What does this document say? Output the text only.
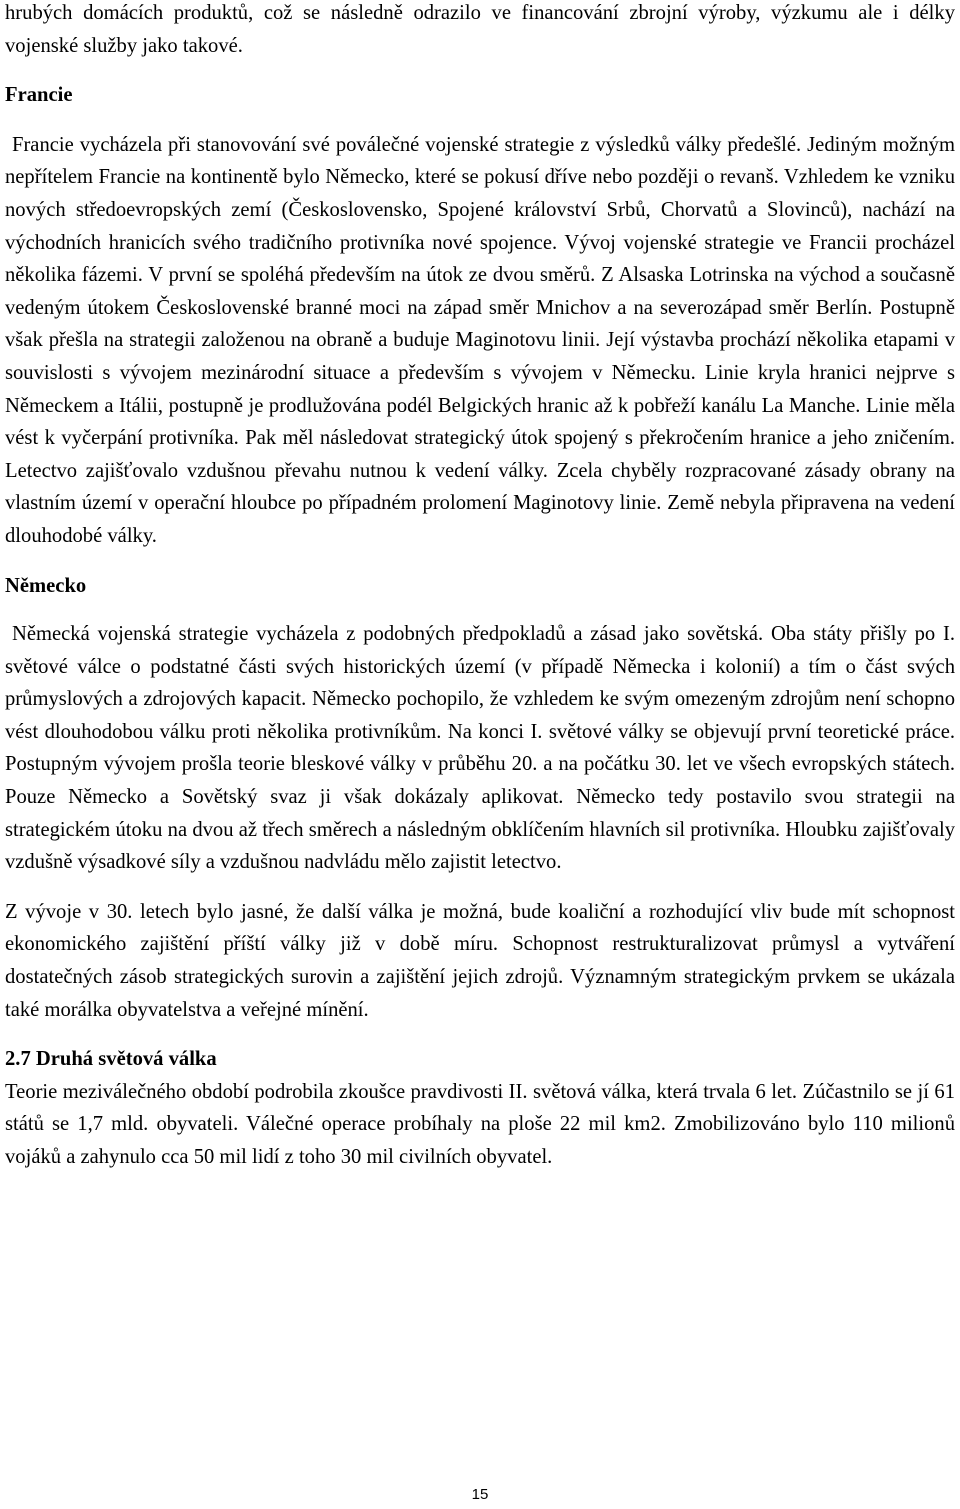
hrubých domácích produktů, což se následně odrazilo ve financování zbrojní výroby, výzkumu ale i délky vojenské služby jako takové.

Francie

Francie vycházela při stanovování své poválečné vojenské strategie z výsledků války předešlé. Jediným možným nepřítelem Francie na kontinentě bylo Německo, které se pokusí dříve nebo později o revanš. Vzhledem ke vzniku nových středoevropských zemí (Československo, Spojené království Srbů, Chorvatů a Slovinců), nachází na východních hranicích svého tradičního protivníka nové spojence. Vývoj vojenské strategie ve Francii procházel několika fázemi. V první se spoléhá především na útok ze dvou směrů. Z Alsaska Lotrinska na východ a současně vedeným útokem Československé branné moci na západ směr Mnichov a na severozápad směr Berlín. Postupně však přešla na strategii založenou na obraně a buduje Maginotovu linii. Její výstavba prochází několika etapami v souvislosti s vývojem mezinárodní situace a především s vývojem v Německu. Linie kryla hranici nejprve s Německem a Itálii, postupně je prodlužována podél Belgických hranic až k pobřeží kanálu La Manche. Linie měla vést k vyčerpání protivníka. Pak měl následovat strategický útok spojený s překročením hranice a jeho zničením. Letectvo zajišťovalo vzdušnou převahu nutnou k vedení války. Zcela chyběly rozpracované zásady obrany na vlastním území v operační hloubce po případném prolomení Maginotovy linie. Země nebyla připravena na vedení dlouhodobé války.

Německo

Německá vojenská strategie vycházela z podobných předpokladů a zásad jako sovětská. Oba státy přišly po I. světové válce o podstatné části svých historických území (v případě Německa i kolonií) a tím o část svých průmyslových a zdrojových kapacit. Německo pochopilo, že vzhledem ke svým omezeným zdrojům není schopno vést dlouhodobou válku proti několika protivníkům. Na konci I. světové války se objevují první teoretické práce. Postupným vývojem prošla teorie bleskové války v průběhu 20. a na počátku 30. let ve všech evropských státech. Pouze Německo a Sovětský svaz ji však dokázaly aplikovat. Německo tedy postavilo svou strategii na strategickém útoku na dvou až třech směrech a následným obklíčením hlavních sil protivníka. Hloubku zajišťovaly vzdušně výsadkové síly a vzdušnou nadvládu mělo zajistit letectvo.

Z vývoje v 30. letech bylo jasné, že další válka je možná, bude koaliční a rozhodující vliv bude mít schopnost ekonomického zajištění příští války již v době míru. Schopnost restrukturalizovat průmysl a vytváření dostatečných zásob strategických surovin a zajištění jejich zdrojů. Významným strategickým prvkem se ukázala také morálka obyvatelstva a veřejné mínění.

2.7 Druhá světová válka

Teorie meziválečného období podrobila zkoušce pravdivosti II. světová válka, která trvala 6 let. Zúčastnilo se jí 61 států se 1,7 mld. obyvateli. Válečné operace probíhaly na ploše 22 mil km2. Zmobilizováno bylo 110 milionů vojáků a zahynulo cca 50 mil lidí z toho 30 mil civilních obyvatel.

15
